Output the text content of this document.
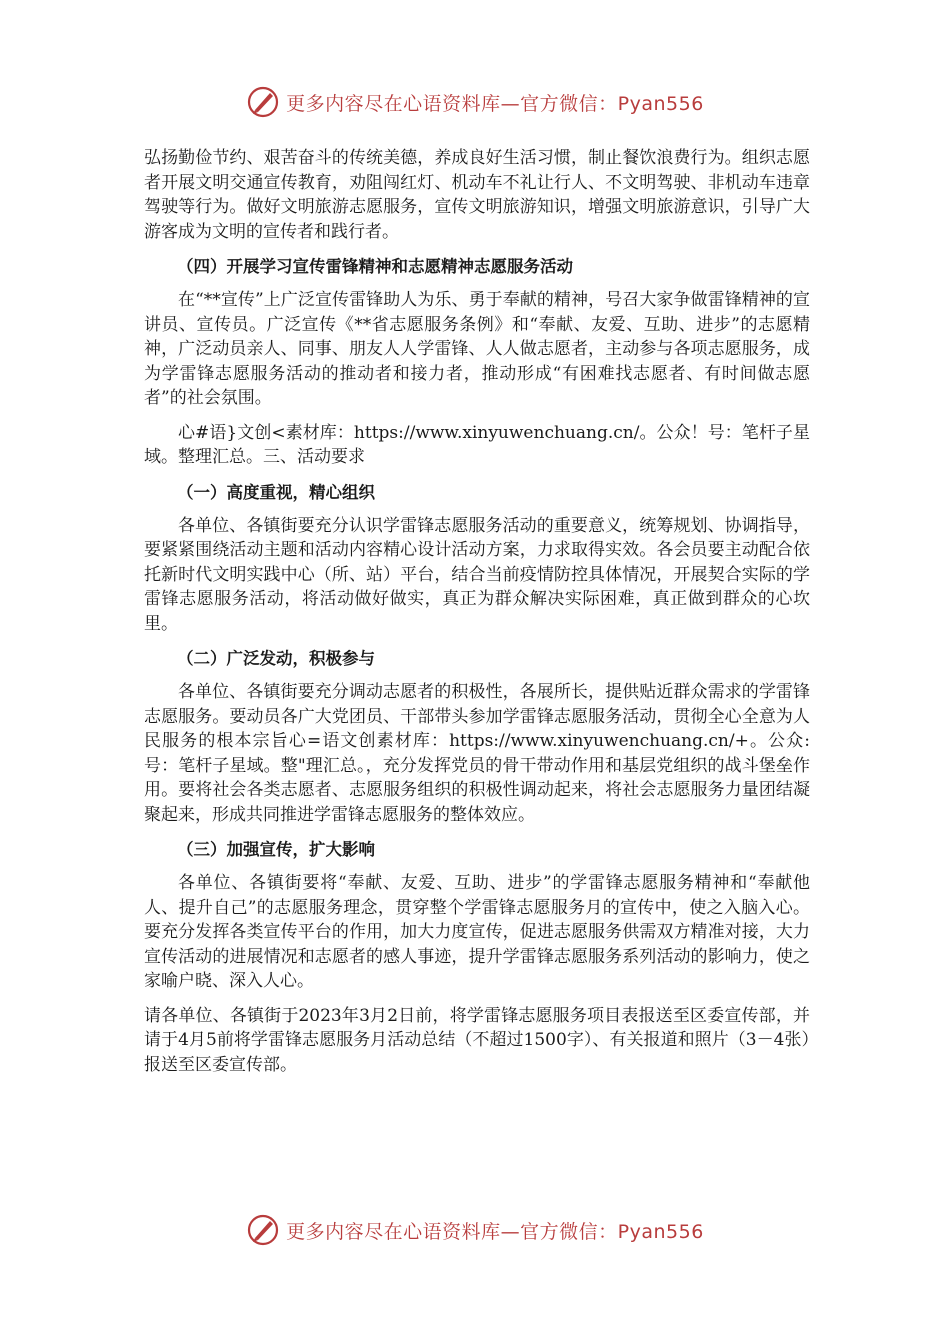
更多内容尽在心语资料库—官方微信：Pyan556

弘扬勤俭节约、艰苦奋斗的传统美德，养成良好生活习惯，制止餐饮浪费行为。组织志愿者开展文明交通宣传教育，劝阻闯红灯、机动车不礼让行人、不文明驾驶、非机动车违章驾驶等行为。做好文明旅游志愿服务，宣传文明旅游知识，增强文明旅游意识，引导广大游客成为文明的宣传者和践行者。

（四）开展学习宣传雷锋精神和志愿精神志愿服务活动

在“**宣传”上广泛宣传雷锋助人为乐、勇于奉献的精神，号召大家争做雷锋精神的宣讲员、宣传员。广泛宣传《**省志愿服务条例》和“奉献、友爱、互助、进步”的志愿精神，广泛动员亲人、同事、朋友人人学雷锋、人人做志愿者，主动参与各项志愿服务，成为学雷锋志愿服务活动的推动者和接力者，推动形成“有困难找志愿者、有时间做志愿者”的社会氛围。

心#语}文创<素材库：https://www.xinyuwenchuang.cn/。公众！号：笔杆子星域。整理汇总。三、活动要求

（一）高度重视，精心组织

各单位、各镇街要充分认识学雷锋志愿服务活动的重要意义，统筹规划、协调指导，要紧紧围绕活动主题和活动内容精心设计活动方案，力求取得实效。各会员要主动配合依托新时代文明实践中心（所、站）平台，结合当前疫情防控具体情况，开展契合实际的学雷锋志愿服务活动，将活动做好做实，真正为群众解决实际困难，真正做到群众的心坎里。

（二）广泛发动，积极参与

各单位、各镇街要充分调动志愿者的积极性，各展所长，提供贴近群众需求的学雷锋志愿服务。要动员各广大党团员、干部带头参加学雷锋志愿服务活动，贯彻全心全意为人民服务的根本宗旨心=语文创素材库：https://www.xinyuwenchuang.cn/+。公众:号：笔杆子星域。整"理汇总。，充分发挥党员的骨干带动作用和基层党组织的战斗堡垒作用。要将社会各类志愿者、志愿服务组织的积极性调动起来，将社会志愿服务力量团结凝聚起来，形成共同推进学雷锋志愿服务的整体效应。

（三）加强宣传，扩大影响

各单位、各镇街要将“奉献、友爱、互助、进步”的学雷锋志愿服务精神和“奉献他人、提升自己”的志愿服务理念，贯穿整个学雷锋志愿服务月的宣传中，使之入脑入心。要充分发挥各类宣传平台的作用，加大力度宣传，促进志愿服务供需双方精准对接，大力宣传活动的进展情况和志愿者的感人事迹，提升学雷锋志愿服务系列活动的影响力，使之家喻户晓、深入人心。

请各单位、各镇街于2023年3月2日前，将学雷锋志愿服务项目表报送至区委宣传部，并请于4月5前将学雷锋志愿服务月活动总结（不超过1500字）、有关报道和照片（3－4张）报送至区委宣传部。

更多内容尽在心语资料库—官方微信：Pyan556
